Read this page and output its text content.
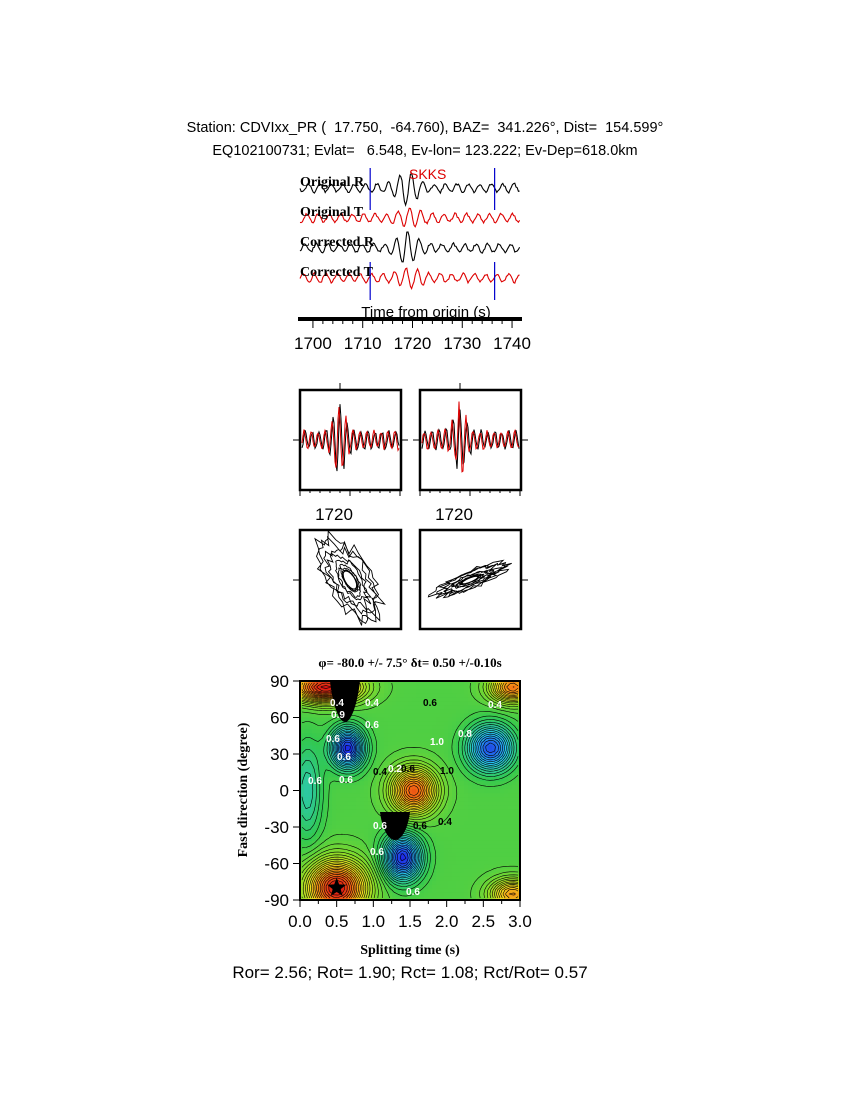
Station: CDVIxx_PR (  17.750,  -64.760), BAZ=  341.226°, Dist=  154.599°
EQ102100731; Evlat=   6.548, Ev-lon= 123.222; Ev-Dep=618.0km
Original R
Original T
Corrected R
Corrected T
SKKS
1700 1710 1720 1730 1740
Time from origin (s)
1720	1720
φ= -80.0 +/- 7.5° δt= 0.50 +/-0.10s
0.4
0.9
0.4
0.6
0.6
0.6
0.6
0.2	1.0
1.0
0.4 0.6
0.8
0.6	0.6
0.4
0.6 0.6
0.4
0.4
0.6
0.6
0.0 0.5 1.0 1.5 2.0 2.5 3.0
90
60
30
0
-30
-60
-90
Splitting time (s)
Fast direction (degree)
Ror= 2.56; Rot= 1.90; Rct= 1.08; Rct/Rot= 0.57
